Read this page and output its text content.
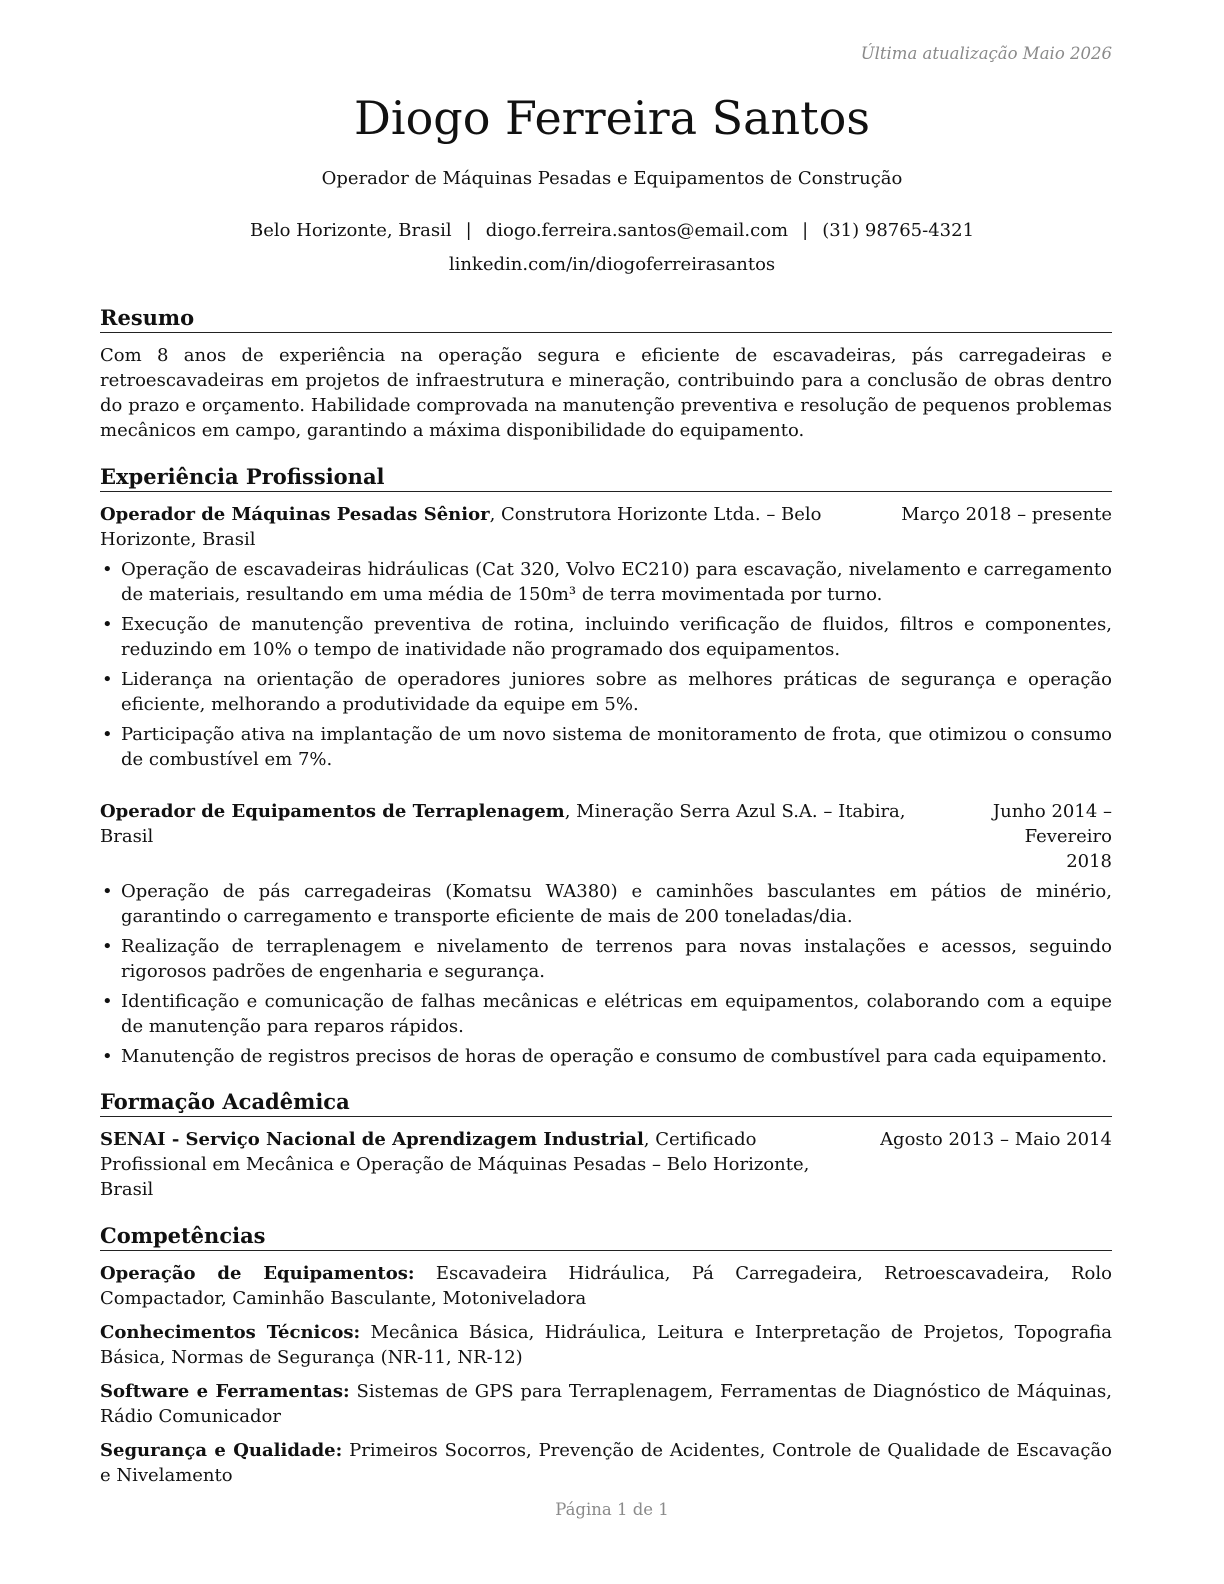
Última atualização Maio 2026
Diogo Ferreira Santos
Operador de Máquinas Pesadas e Equipamentos de Construção
Belo Horizonte, Brasil | diogo.ferreira.santos@email.com | (31) 98765-4321
linkedin.com/in/diogoferreirasantos
Resumo

Com 8 anos de experiência na operação segura e eficiente de escavadeiras, pás carregadeiras e retroescavadeiras em projetos de infraestrutura e mineração, contribuindo para a conclusão de obras dentro do prazo e orçamento. Habilidade comprovada na manutenção preventiva e resolução de pequenos problemas mecânicos em campo, garantindo a máxima disponibilidade do equipamento.

Experiência Profissional
Operador de Máquinas Pesadas Sênior, Construtora Horizonte Ltda. – Belo Horizonte, Brasil
Março 2018 – presente
• Operação de escavadeiras hidráulicas (Cat 320, Volvo EC210) para escavação, nivelamento e carregamento de materiais, resultando em uma média de 150m³ de terra movimentada por turno.
• Execução de manutenção preventiva de rotina, incluindo verificação de fluidos, filtros e componentes, reduzindo em 10% o tempo de inatividade não programado dos equipamentos.
• Liderança na orientação de operadores juniores sobre as melhores práticas de segurança e operação eficiente, melhorando a produtividade da equipe em 5%.
• Participação ativa na implantação de um novo sistema de monitoramento de frota, que otimizou o consumo de combustível em 7%.
Operador de Equipamentos de Terraplenagem, Mineração Serra Azul S.A. – Itabira, Brasil
Junho 2014 – Fevereiro 2018
• Operação de pás carregadeiras (Komatsu WA380) e caminhões basculantes em pátios de minério, garantindo o carregamento e transporte eficiente de mais de 200 toneladas/dia.
• Realização de terraplenagem e nivelamento de terrenos para novas instalações e acessos, seguindo rigorosos padrões de engenharia e segurança.
• Identificação e comunicação de falhas mecânicas e elétricas em equipamentos, colaborando com a equipe de manutenção para reparos rápidos.
• Manutenção de registros precisos de horas de operação e consumo de combustível para cada equipamento.
Formação Acadêmica
SENAI - Serviço Nacional de Aprendizagem Industrial, Certificado Profissional em Mecânica e Operação de Máquinas Pesadas – Belo Horizonte, Brasil
Agosto 2013 – Maio 2014
Competências

Operação de Equipamentos: Escavadeira Hidráulica, Pá Carregadeira, Retroescavadeira, Rolo Compactador, Caminhão Basculante, Motoniveladora

Conhecimentos Técnicos: Mecânica Básica, Hidráulica, Leitura e Interpretação de Projetos, Topografia Básica, Normas de Segurança (NR-11, NR-12)

Software e Ferramentas: Sistemas de GPS para Terraplenagem, Ferramentas de Diagnóstico de Máquinas, Rádio Comunicador

Segurança e Qualidade: Primeiros Socorros, Prevenção de Acidentes, Controle de Qualidade de Escavação e Nivelamento

Página 1 de 1
